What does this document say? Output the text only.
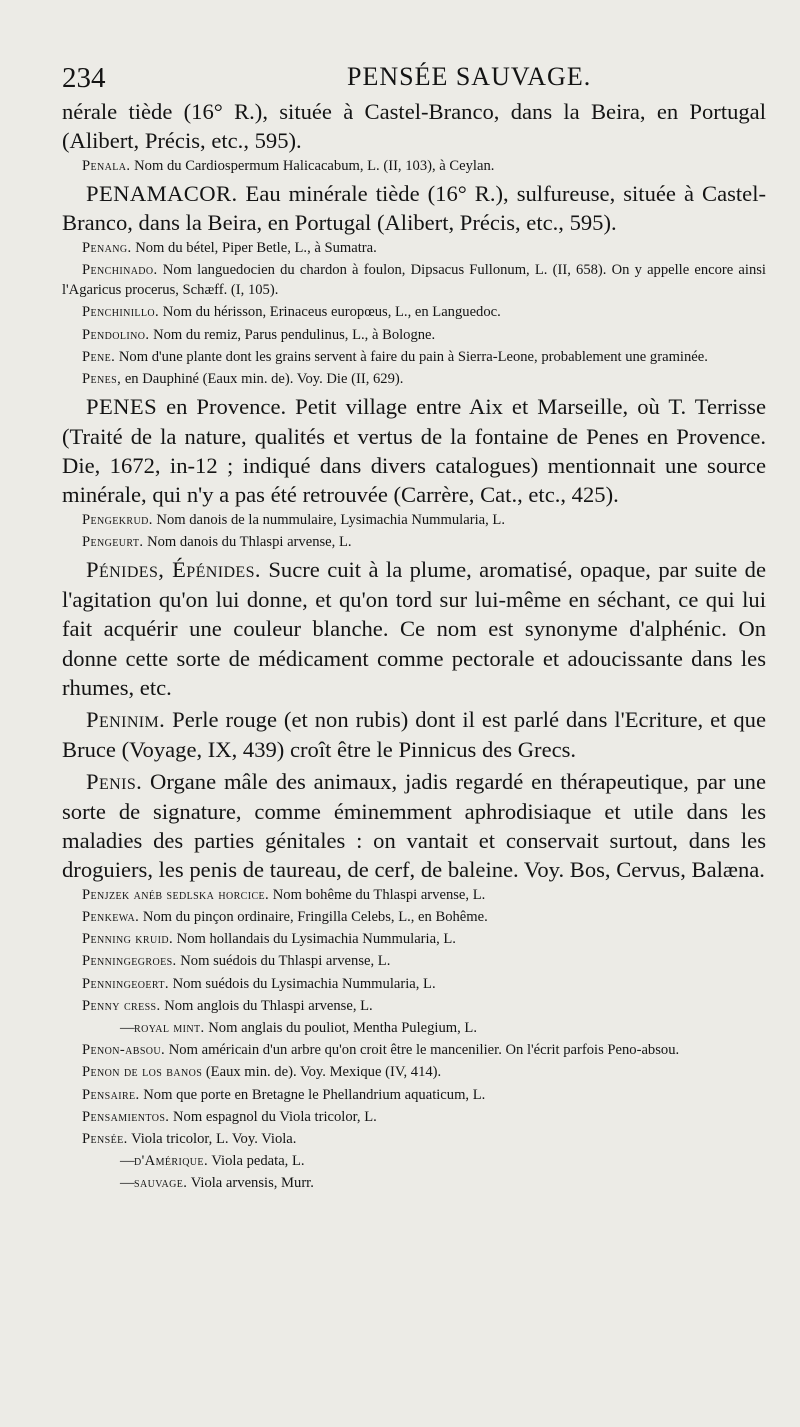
234	PENSÉE SAUVAGE.

nérale tiède (16° R.), située à Castel-Branco, dans la Beira, en Portugal (Alibert, Précis, etc., 595).

Penala. Nom du Cardiospermum Halicacabum, L. (II, 103), à Ceylan.

PENAMACOR. Eau minérale tiède (16° R.), sulfureuse, située à Castel-Branco, dans la Beira, en Portugal (Alibert, Précis, etc., 595).

Penang. Nom du bétel, Piper Betle, L., à Sumatra.

Penchinado. Nom languedocien du chardon à foulon, Dipsacus Fullonum, L. (II, 658). On y appelle encore ainsi l'Agaricus procerus, Schæff. (I, 105).

Penchinillo. Nom du hérisson, Erinaceus europœus, L., en Languedoc.

Pendolino. Nom du remiz, Parus pendulinus, L., à Bologne.

Pene. Nom d'une plante dont les grains servent à faire du pain à Sierra-Leone, probablement une graminée.

Penes, en Dauphiné (Eaux min. de). Voy. Die (II, 629).

PENES en Provence. Petit village entre Aix et Marseille, où T. Terrisse (Traité de la nature, qualités et vertus de la fontaine de Penes en Provence. Die, 1672, in-12 ; indiqué dans divers catalogues) mentionnait une source minérale, qui n'y a pas été retrouvée (Carrère, Cat., etc., 425).

Pengekrud. Nom danois de la nummulaire, Lysimachia Nummularia, L.

Pengeurt. Nom danois du Thlaspi arvense, L.

Pénides, Épénides. Sucre cuit à la plume, aromatisé, opaque, par suite de l'agitation qu'on lui donne, et qu'on tord sur lui-même en séchant, ce qui lui fait acquérir une couleur blanche. Ce nom est synonyme d'alphénic. On donne cette sorte de médicament comme pectorale et adoucissante dans les rhumes, etc.

Peninim. Perle rouge (et non rubis) dont il est parlé dans l'Ecriture, et que Bruce (Voyage, IX, 439) croît être le Pinnicus des Grecs.

Penis. Organe mâle des animaux, jadis regardé en thérapeutique, par une sorte de signature, comme éminemment aphrodisiaque et utile dans les maladies des parties génitales : on vantait et conservait surtout, dans les droguiers, les penis de taureau, de cerf, de baleine. Voy. Bos, Cervus, Balæna.

Penjzek anéb sedlska horcice. Nom bohême du Thlaspi arvense, L.

Penkewa. Nom du pinçon ordinaire, Fringilla Celebs, L., en Bohême.

Penning kruid. Nom hollandais du Lysimachia Nummularia, L.

Penningegroes. Nom suédois du Thlaspi arvense, L.

Penningeoert. Nom suédois du Lysimachia Nummularia, L.

Penny cress. Nom anglois du Thlaspi arvense, L.

—royal mint. Nom anglais du pouliot, Mentha Pulegium, L.

Penon-absou. Nom américain d'un arbre qu'on croit être le mancenilier. On l'écrit parfois Peno-absou.

Penon de los banos (Eaux min. de). Voy. Mexique (IV, 414).

Pensaire. Nom que porte en Bretagne le Phellandrium aquaticum, L.

Pensamientos. Nom espagnol du Viola tricolor, L.

Pensée. Viola tricolor, L. Voy. Viola.

—d'Amérique. Viola pedata, L.

—sauvage. Viola arvensis, Murr.
